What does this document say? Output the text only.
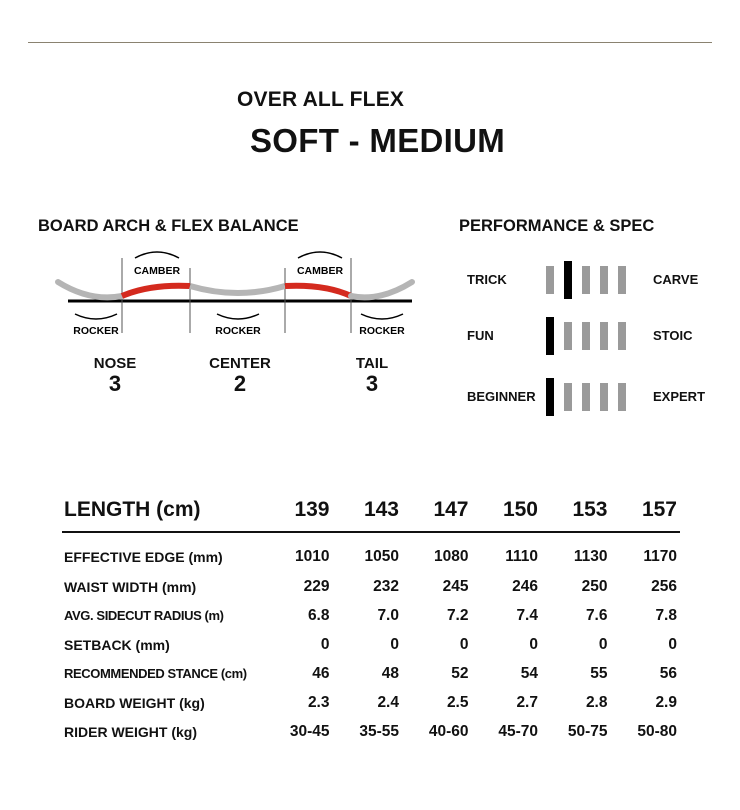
OVER ALL FLEX
SOFT - MEDIUM
BOARD ARCH & FLEX BALANCE	PERFORMANCE & SPEC
CAMBER	CAMBER
ROCKER	ROCKER	ROCKER
NOSE
3
CENTER
2
TAIL
3
TRICK	CARVE
FUN	STOIC
BEGINNER	EXPERT
LENGTH (cm)	139	143	147	150	153	157
EFFECTIVE EDGE (mm)	1010	1050	1080	1110	1130	1170
WAIST WIDTH (mm)	229	232	245	246	250	256
AVG. SIDECUT RADIUS (m)	6.8	7.0	7.2	7.4	7.6	7.8
SETBACK (mm)	0	0	0	0	0	0
RECOMMENDED STANCE (cm)	46	48	52	54	55	56
BOARD WEIGHT (kg)	2.3	2.4	2.5	2.7	2.8	2.9
RIDER WEIGHT (kg)	30-45	35-55	40-60	45-70	50-75	50-80
